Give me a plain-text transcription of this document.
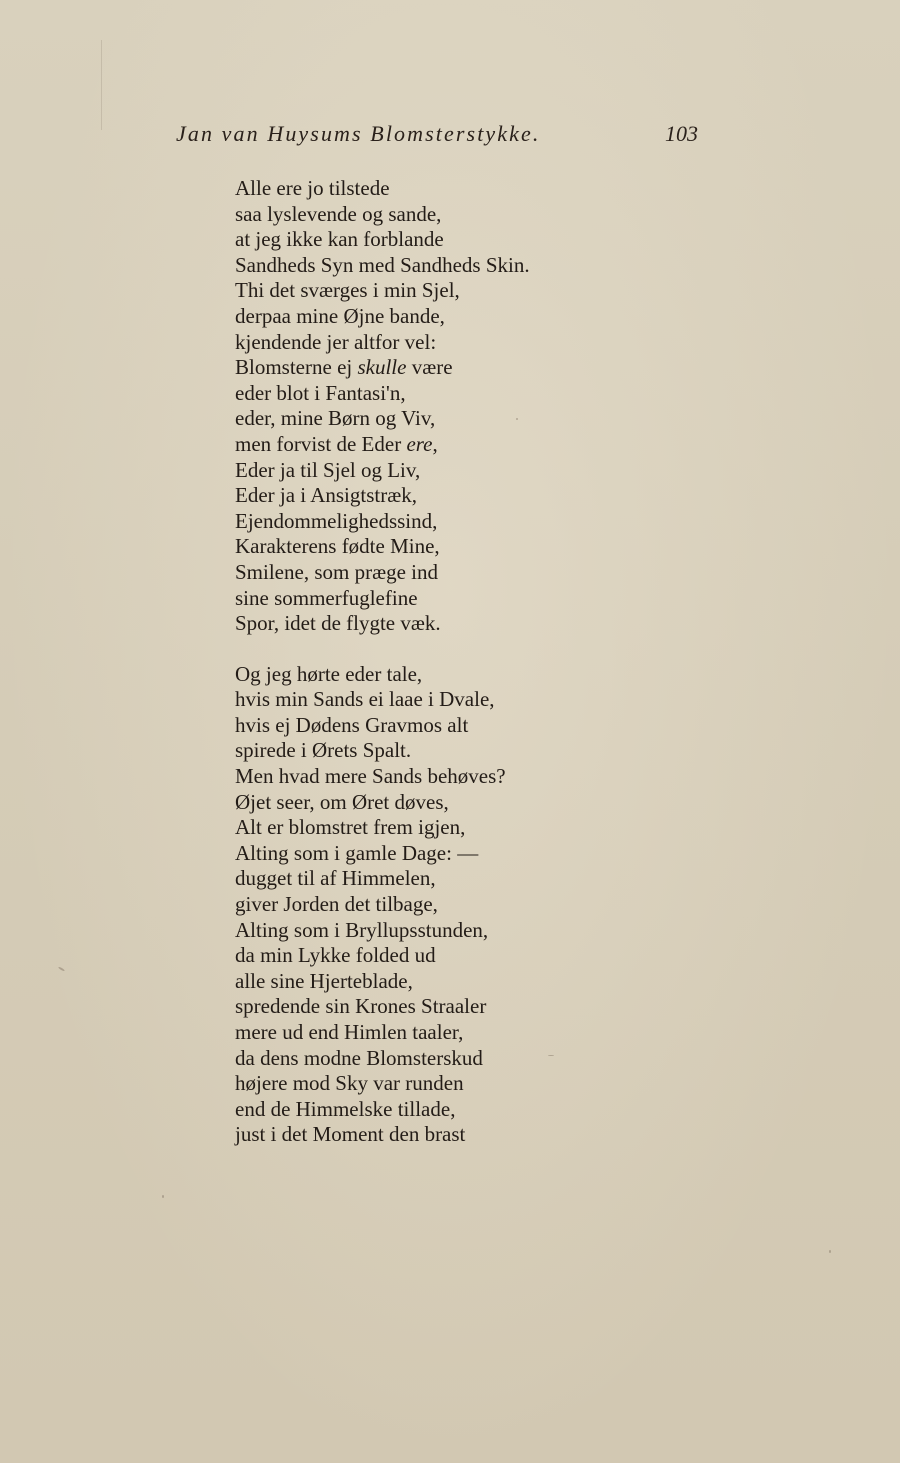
Jan van Huysums Blomsterstykke.	103
Alle ere jo tilstede
saa lyslevende og sande,
at jeg ikke kan forblande
Sandheds Syn med Sandheds Skin.
Thi det sværges i min Sjel,
derpaa mine Øjne bande,
kjendende jer altfor vel:
Blomsterne ej skulle være
eder blot i Fantasi'n,
eder, mine Børn og Viv,
men forvist de Eder ere,
Eder ja til Sjel og Liv,
Eder ja i Ansigtstræk,
Ejendommelighedssind,
Karakterens fødte Mine,
Smilene, som præge ind
sine sommerfuglefine
Spor, idet de flygte væk.
Og jeg hørte eder tale,
hvis min Sands ei laae i Dvale,
hvis ej Dødens Gravmos alt
spirede i Ørets Spalt.
Men hvad mere Sands behøves?
Øjet seer, om Øret døves,
Alt er blomstret frem igjen,
Alting som i gamle Dage: —
dugget til af Himmelen,
giver Jorden det tilbage,
Alting som i Bryllupsstunden,
da min Lykke folded ud
alle sine Hjerteblade,
spredende sin Krones Straaler
mere ud end Himlen taaler,
da dens modne Blomsterskud
højere mod Sky var runden
end de Himmelske tillade,
just i det Moment den brast
